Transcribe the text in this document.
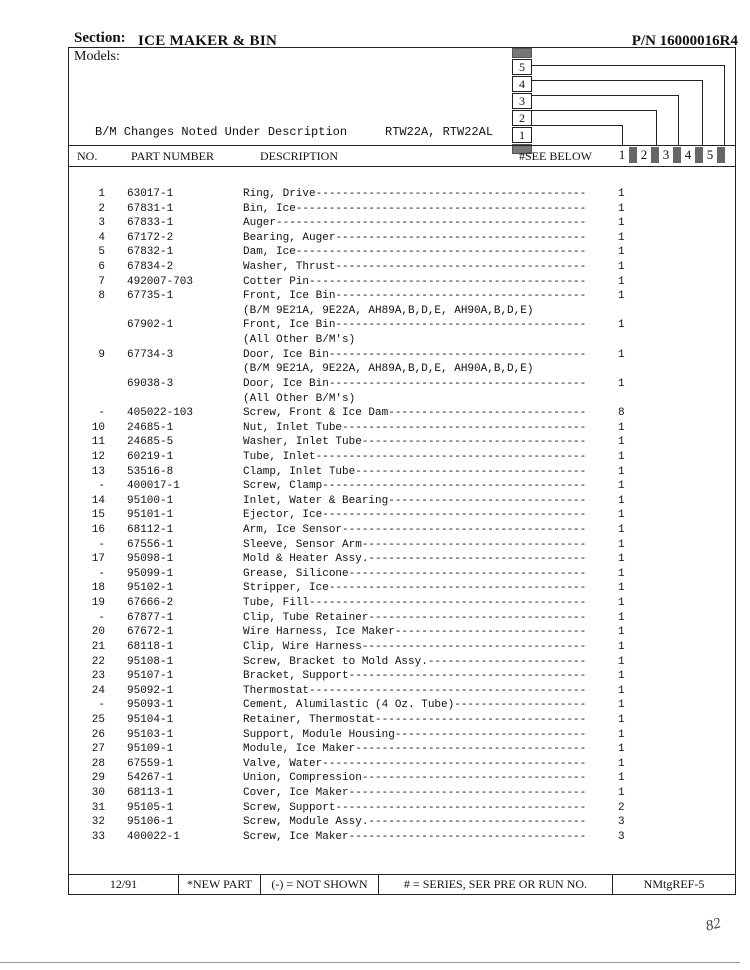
Section: ICE MAKER & BIN	P/N 16000016R4
Models:
5
4
3
2
1
B/M Changes Noted Under Description	RTW22A, RTW22AL
NO.	PART NUMBER	DESCRIPTION	#SEE BELOW 1 2 3 4 5
1 63017-1	Ring, Drive-----------------------------------------	1
2 67831-1	Bin, Ice--------------------------------------------	1
3 67833-1	Auger-----------------------------------------------	1
4 67172-2	Bearing, Auger--------------------------------------	1
5 67832-1	Dam, Ice--------------------------------------------	1
6 67834-2	Washer, Thrust--------------------------------------	1
7 492007-703	Cotter Pin------------------------------------------	1
8 67735-1	Front, Ice Bin--------------------------------------	1
(B/M 9E21A, 9E22A, AH89A,B,D,E, AH90A,B,D,E)
67902-1	Front, Ice Bin--------------------------------------	1
(All Other B/M's)
9 67734-3	Door, Ice Bin---------------------------------------	1
(B/M 9E21A, 9E22A, AH89A,B,D,E, AH90A,B,D,E)
69038-3	Door, Ice Bin---------------------------------------	1
(All Other B/M's)
- 405022-103	Screw, Front & Ice Dam------------------------------	8
10 24685-1	Nut, Inlet Tube-------------------------------------	1
11 24685-5	Washer, Inlet Tube----------------------------------	1
12 60219-1	Tube, Inlet-----------------------------------------	1
13 53516-8	Clamp, Inlet Tube-----------------------------------	1
- 400017-1	Screw, Clamp----------------------------------------	1
14 95100-1	Inlet, Water & Bearing------------------------------	1
15 95101-1	Ejector, Ice----------------------------------------	1
16 68112-1	Arm, Ice Sensor-------------------------------------	1
- 67556-1	Sleeve, Sensor Arm----------------------------------	1
17 95098-1	Mold & Heater Assy.---------------------------------	1
- 95099-1	Grease, Silicone------------------------------------	1
18 95102-1	Stripper, Ice---------------------------------------	1
19 67666-2	Tube, Fill------------------------------------------	1
- 67877-1	Clip, Tube Retainer---------------------------------	1
20 67672-1	Wire Harness, Ice Maker-----------------------------	1
21 68118-1	Clip, Wire Harness----------------------------------	1
22 95108-1	Screw, Bracket to Mold Assy.------------------------	1
23 95107-1	Bracket, Support------------------------------------	1
24 95092-1	Thermostat------------------------------------------	1
- 95093-1	Cement, Alumilastic (4 Oz. Tube)--------------------	1
25 95104-1	Retainer, Thermostat--------------------------------	1
26 95103-1	Support, Module Housing-----------------------------	1
27 95109-1	Module, Ice Maker-----------------------------------	1
28 67559-1	Valve, Water----------------------------------------	1
29 54267-1	Union, Compression----------------------------------	1
30 68113-1	Cover, Ice Maker------------------------------------	1
31 95105-1	Screw, Support--------------------------------------	2
32 95106-1	Screw, Module Assy.---------------------------------	3
33 400022-1	Screw, Ice Maker------------------------------------	3
12/91	*NEW PART	(-) = NOT SHOWN	# = SERIES, SER PRE OR RUN NO.	NMtgREF-5
82
